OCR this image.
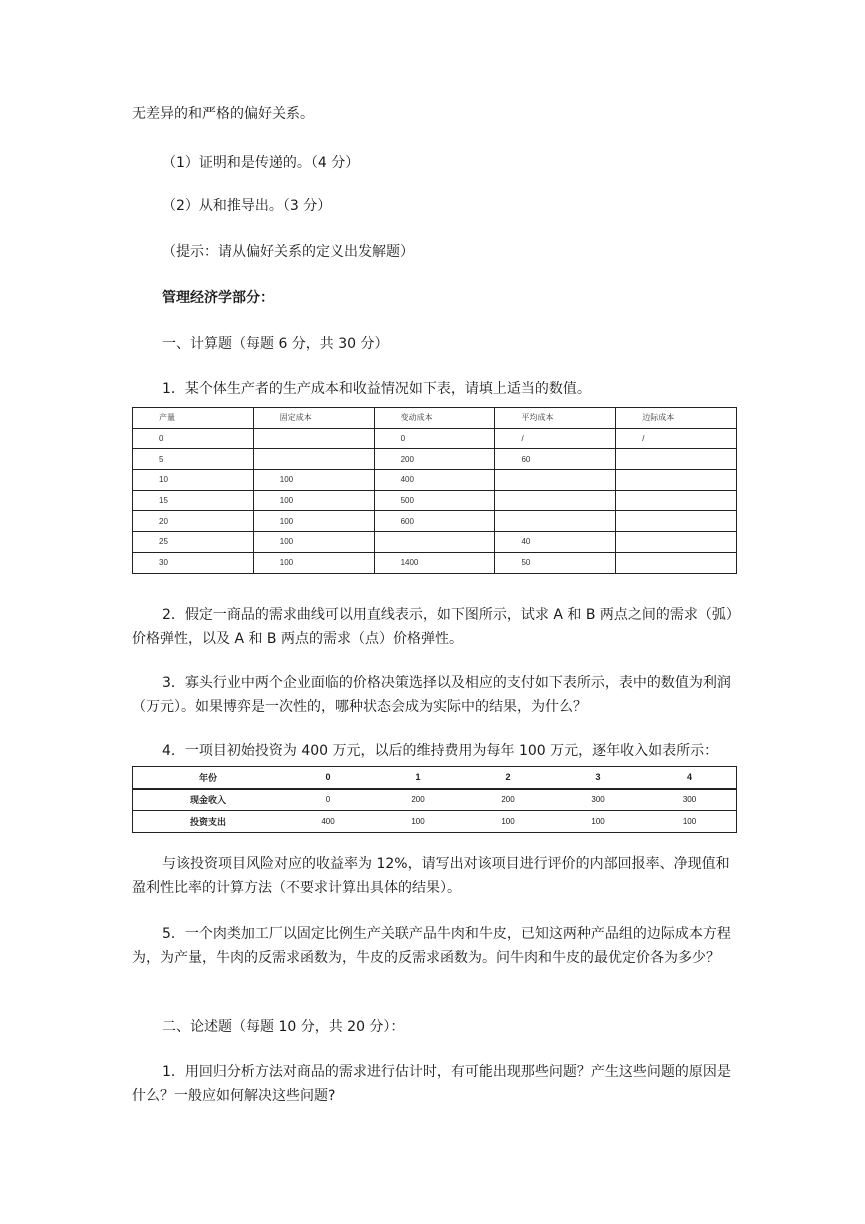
无差异的和严格的偏好关系。
（1）证明和是传递的。（4 分）
（2）从和推导出。（3 分）
（提示：请从偏好关系的定义出发解题）
管理经济学部分：
一、计算题（每题 6 分，共 30 分）
1．某个体生产者的生产成本和收益情况如下表，请填上适当的数值。
产量	固定成本	变动成本	平均成本	边际成本
0		0	/	/
5		200	60	
10	100	400		
15	100	500		
20	100	600		
25	100		40	
30	100	1400	50	
2．假定一商品的需求曲线可以用直线表示，如下图所示，试求 A 和 B 两点之间的需求（弧）价格弹性，以及 A 和 B 两点的需求（点）价格弹性。
3．寡头行业中两个企业面临的价格决策选择以及相应的支付如下表所示，表中的数值为利润（万元）。如果博弈是一次性的，哪种状态会成为实际中的结果，为什么？
4．一项目初始投资为 400 万元，以后的维持费用为每年 100 万元，逐年收入如表所示：
年份	0	1	2	3	4
现金收入	0	200	200	300	300
投资支出	400	100	100	100	100
与该投资项目风险对应的收益率为 12%，请写出对该项目进行评价的内部回报率、净现值和盈利性比率的计算方法（不要求计算出具体的结果）。
5．一个肉类加工厂以固定比例生产关联产品牛肉和牛皮，已知这两种产品组的边际成本方程为，为产量，牛肉的反需求函数为，牛皮的反需求函数为。问牛肉和牛皮的最优定价各为多少？
二、论述题（每题 10 分，共 20 分）：
1．用回归分析方法对商品的需求进行估计时，有可能出现那些问题？产生这些问题的原因是什么？一般应如何解决这些问题?
